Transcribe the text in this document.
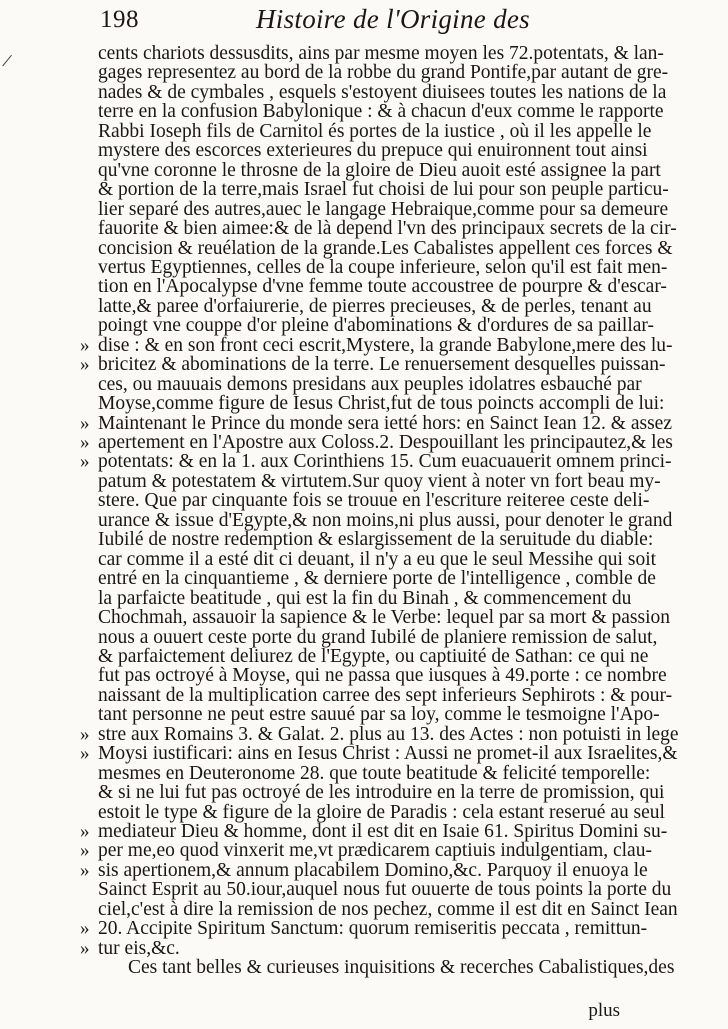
198	Histoire de l'Origine des
/	cents chariots dessusdits, ains par mesme moyen les 72.potentats, & lan-
gages representez au bord de la robbe du grand Pontife,par autant de gre-
nades & de cymbales , esquels s'estoyent diuisees toutes les nations de la
terre en la confusion Babylonique : & à chacun d'eux comme le rapporte
Rabbi Ioseph fils de Carnitol és portes de la iustice , où il les appelle le
mystere des escorces exterieures du prepuce qui enuironnent tout ainsi
qu'vne coronne le throsne de la gloire de Dieu auoit esté assignee la part
& portion de la terre,mais Israel fut choisi de lui pour son peuple particu-
lier separé des autres,auec le langage Hebraique,comme pour sa demeure
fauorite & bien aimee:& de là depend l'vn des principaux secrets de la cir-
concision & reuélation de la grande.Les Cabalistes appellent ces forces &
vertus Egyptiennes, celles de la coupe inferieure, selon qu'il est fait men-
tion en l'Apocalypse d'vne femme toute accoustree de pourpre & d'escar-
latte,& paree d'orfaiurerie, de pierres precieuses, & de perles, tenant au
poingt vne couppe d'or pleine d'abominations & d'ordures de sa paillar-
» dise : & en son front ceci escrit,Mystere, la grande Babylone,mere des lu-
» bricitez & abominations de la terre. Le renuersement desquelles puissan-
ces, ou mauuais demons presidans aux peuples idolatres esbauché par
Moyse,comme figure de Iesus Christ,fut de tous poincts accompli de lui:
» Maintenant le Prince du monde sera ietté hors: en Sainct Iean 12. & assez
» apertement en l'Apostre aux Coloss.2. Despouillant les principautez,& les
» potentats: & en la 1. aux Corinthiens 15. Cum euacuauerit omnem princi-
patum & potestatem & virtutem.Sur quoy vient à noter vn fort beau my-
stere. Que par cinquante fois se trouue en l'escriture reiteree ceste deli-
urance & issue d'Egypte,& non moins,ni plus aussi, pour denoter le grand
Iubilé de nostre redemption & eslargissement de la seruitude du diable:
car comme il a esté dit ci deuant, il n'y a eu que le seul Messihe qui soit
entré en la cinquantieme , & derniere porte de l'intelligence , comble de
la parfaicte beatitude , qui est la fin du Binah , & commencement du
Chochmah, assauoir la sapience & le Verbe: lequel par sa mort & passion
nous a ouuert ceste porte du grand Iubilé de planiere remission de salut,
& parfaictement deliurez de l'Egypte, ou captiuité de Sathan: ce qui ne
fut pas octroyé à Moyse, qui ne passa que iusques à 49.porte : ce nombre
naissant de la multiplication carree des sept inferieurs Sephirots : & pour-
tant personne ne peut estre sauué par sa loy, comme le tesmoigne l'Apo-
» stre aux Romains 3. & Galat. 2. plus au 13. des Actes : non potuisti in lege
» Moysi iustificari: ains en Iesus Christ : Aussi ne promet-il aux Israelites,&
mesmes en Deuteronome 28. que toute beatitude & felicité temporelle:
& si ne lui fut pas octroyé de les introduire en la terre de promission, qui
estoit le type & figure de la gloire de Paradis : cela estant reserué au seul
» mediateur Dieu & homme, dont il est dit en Isaie 61. Spiritus Domini su-
» per me,eo quod vinxerit me,vt prædicarem captiuis indulgentiam, clau-
» sis apertionem,& annum placabilem Domino,&c. Parquoy il enuoya le
Sainct Esprit au 50.iour,auquel nous fut ouuerte de tous points la porte du
ciel,c'est à dire la remission de nos pechez, comme il est dit en Sainct Iean
» 20. Accipite Spiritum Sanctum: quorum remiseritis peccata , remittun-
» tur eis,&c.
Ces tant belles & curieuses inquisitions & recerches Cabalistiques,des
plus
